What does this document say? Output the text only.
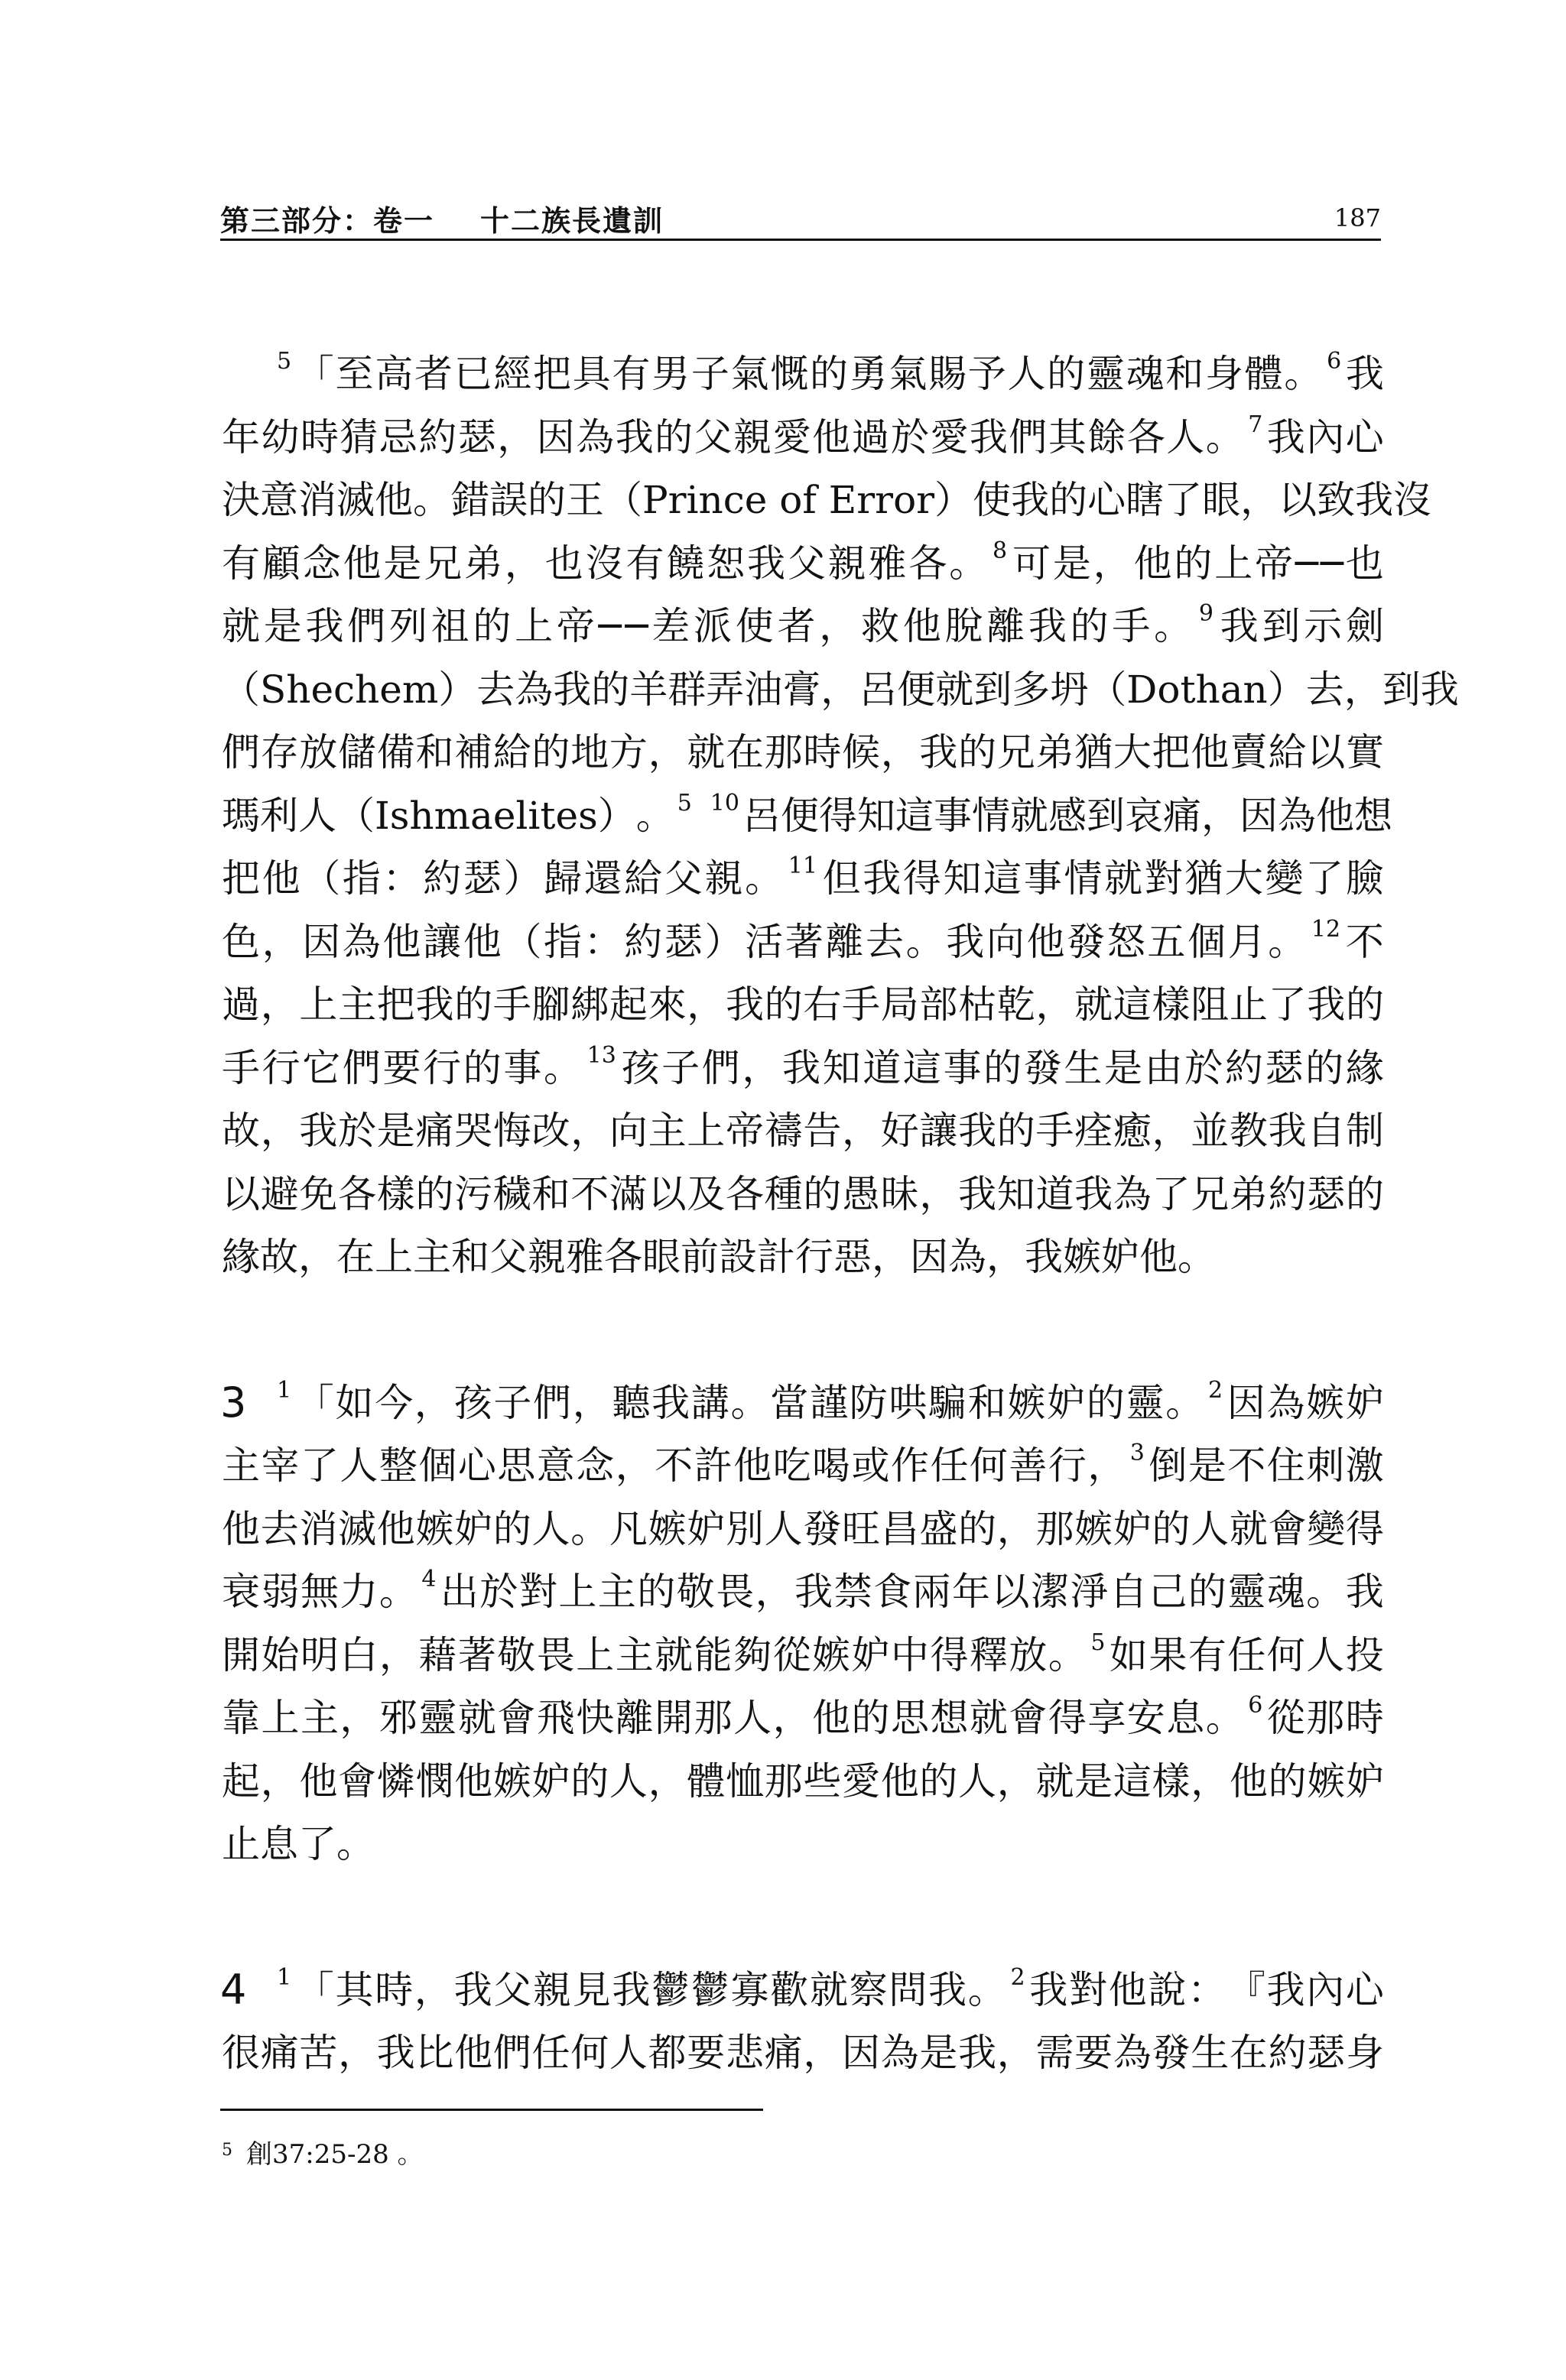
第三部分：卷一 十二族長遺訓	187
$^5$ 「 至 高 者 已 經 把 具 有 男 子 氣 慨 的 勇 氣 賜 予 人 的 靈 魂 和 身 體 。$^6$ 我
年 幼 時 猜 忌 約 瑟 ， 因 為 我 的 父 親 愛 他 過 於 愛 我 們 其 餘 各 人 。$^7$ 我 內 心
決 意 消 滅 他 。 錯 誤 的 王 （ Prince
of
Error ） 使 我 的 心 瞎 了 眼 ， 以 致 我 沒
有 顧 念 他 是 兄 弟 ， 也 沒 有 饒 恕 我 父 親 雅 各 。$^8$ 可 是 ， 他 的 上 帝 ─ ─ 也
就 是 我 們 列 祖 的 上 帝 ─ ─ 差 派 使 者 ， 救 他 脫 離 我 的 手 。 $^9$ 我 到 示 劍
（ Shechem ） 去 為 我 的 羊 群 弄 油 膏 ， 呂 便 就 到 多 坍 （ Dothan ） 去 ， 到 我
們 存 放 儲 備 和 補 給 的 地 方 ， 就 在 那 時 候 ， 我 的 兄 弟 猶 大 把 他 賣 給 以 實
瑪 利 人 （ Ishmaelites ） 。$^5$
$^{10}$ 呂 便 得 知 這 事 情 就 感 到 哀 痛 ， 因 為 他 想
把 他 （ 指 ： 約 瑟 ） 歸 還 給 父 親 。$^{11}$ 但 我 得 知 這 事 情 就 對 猶 大 變 了 臉
色 ， 因 為 他 讓 他 （ 指 ： 約 瑟 ） 活 著 離 去 。 我 向 他 發 怒 五 個 月 。$^{12}$ 不
過 ， 上 主 把 我 的 手 腳 綁 起 來 ， 我 的 右 手 局 部 枯 乾 ， 就 這 樣 阻 止 了 我 的
手 行 它 們 要 行 的 事 。$^{13}$ 孩 子 們 ， 我 知 道 這 事 的 發 生 是 由 於 約 瑟 的 緣
故 ， 我 於 是 痛 哭 悔 改 ， 向 主 上 帝 禱 告 ， 好 讓 我 的 手 痊 癒 ， 並 教 我 自 制
以 避 免 各 樣 的 污 穢 和 不 滿 以 及 各 種 的 愚 昧 ， 我 知 道 我 為 了 兄 弟 約 瑟 的
緣 故 ， 在 上 主 和 父 親 雅 各 眼 前 設 計 行 惡 ， 因 為 ， 我 嫉 妒 他 。
3 $^1$ 「 如 今 ， 孩 子 們 ， 聽 我 講 。 當 謹 防 哄 騙 和 嫉 妒 的 靈 。$^2$ 因 為 嫉 妒
主 宰 了 人 整 個 心 思 意 念 ， 不 許 他 吃 喝 或 作 任 何 善 行 ，$^3$ 倒 是 不 住 刺 激
他 去 消 滅 他 嫉 妒 的 人 。 凡 嫉 妒 別 人 發 旺 昌 盛 的 ， 那 嫉 妒 的 人 就 會 變 得
衰 弱 無 力 。$^4$ 出 於 對 上 主 的 敬 畏 ， 我 禁 食 兩 年 以 潔 淨 自 己 的 靈 魂 。 我
開 始 明 白 ， 藉 著 敬 畏 上 主 就 能 夠 從 嫉 妒 中 得 釋 放 。$^5$ 如 果 有 任 何 人 投
靠 上 主 ， 邪 靈 就 會 飛 快 離 開 那 人 ， 他 的 思 想 就 會 得 享 安 息 。$^6$ 從 那 時
起 ， 他 會 憐 憫 他 嫉 妒 的 人 ， 體 恤 那 些 愛 他 的 人 ， 就 是 這 樣 ， 他 的 嫉 妒
止 息 了 。
4 $^1$ 「 其 時 ， 我 父 親 見 我 鬱 鬱 寡 歡 就 察 問 我 。$^2$ 我 對 他 說 ： 『 我 內 心
很 痛 苦 ， 我 比 他 們 任 何 人 都 要 悲 痛 ， 因 為 是 我 ， 需 要 為 發 生 在 約 瑟 身
$^5$ 創37:25-28 。
